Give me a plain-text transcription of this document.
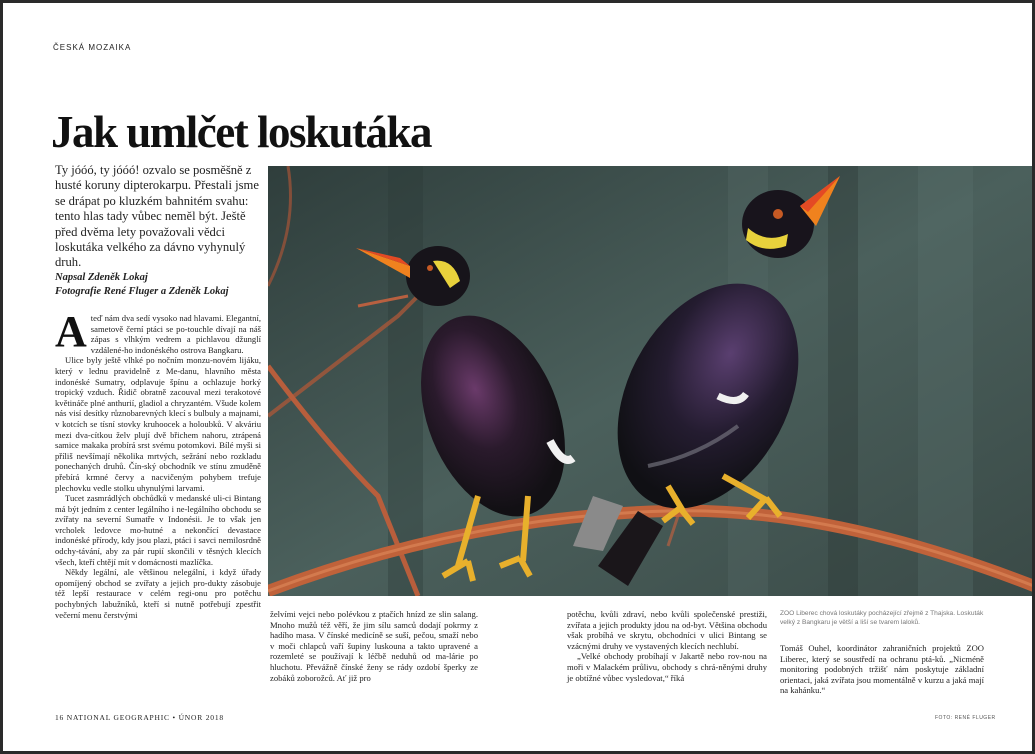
ČESKÁ MOZAIKA
Jak umlčet loskutáka
Ty jóóó, ty jóóó! ozvalo se posměšně z husté koruny dipterokarpu. Přestali jsme se drápat po kluzkém bahnitém svahu: tento hlas tady vůbec neměl být. Ještě před dvěma lety považovali vědci loskutáka velkého za dávno vyhynulý druh.
Napsal Zdeněk Lokaj
Fotografie René Fluger a Zdeněk Lokaj

Ateď nám dva sedí vysoko nad hlavami. Elegantní, sametově černí ptáci se po-touchle dívají na náš zápas s vlhkým vedrem a pichlavou džunglí vzdálené-ho indonéského ostrova Bangkaru.

Ulice byly ještě vlhké po nočním monzu-novém lijáku, který v lednu pravidelně z Me-danu, hlavního města indonéské Sumatry, odplavuje špínu a ochlazuje horký tropický vzduch. Řidič obratně zacouval mezi terakotové květináče plné anthurií, gladiol a chryzantém. Všude kolem nás visí desítky různobarevných klecí s bulbuly a majnami, v kotcích se tísní stovky kruhoocek a holoubků. V akváriu mezi dva-cítkou želv plují dvě břichem nahoru, ztrápená samice makaka probírá srst svému potomkovi. Bílé myši si příliš nevšímají několika mrtvých, sežrání nebo rozkladu ponechaných druhů. Čín-ský obchodník ve stínu zmuděně přebírá krmné červy a nacvičeným pohybem trefuje plechovku vedle stolku uhynulými larvami.

Tucet zasmrádlých obchůdků v medanské uli-ci Bintang má být jedním z center legálního i ne-legálního obchodu se zvířaty na severní Sumatře v Indonésii. Je to však jen vrcholek ledovce mo-hutné a nekončící devastace indonéské přírody, kdy jsou plazi, ptáci i savci nemilosrdně odchy-távání, aby za pár rupií skončili v těsných klecích všech, kteří chtějí mít v domácnosti mazlíčka.

Někdy legální, ale většinou nelegální, i když úřady opomíjený obchod se zvířaty a jejich pro-dukty zásobuje též lepší restaurace v celém regi-onu pro potěchu pochybných labužníků, kteří si nutně potřebují zpestřit večerní menu čerstvými	želvími vejci nebo polévkou z ptačích hnízd ze slin salang. Mnoho mužů též věří, že jim sílu samců dodají pokrmy z hadího masa. V čínské medicíně se suší, pečou, smaží nebo v moči chlapců vaří šupiny luskouna a takto upravené a rozemleté se používají k léčbě neduhů od ma-lárie po hluchotu. Převážně čínské ženy se rády ozdobí šperky ze zobáků zoborožců. Ať již pro

potěchu, kvůli zdraví, nebo kvůli společenské prestiži, zvířata a jejich produkty jdou na od-byt. Většina obchodu však probíhá ve skrytu, obchodníci v ulici Bintang se vzácnými druhy ve vystavených klecích nechlubí.

„Velké obchody probíhají v Jakartě nebo rov-nou na moři v Malackém průlivu, obchody s chrá-něnými druhy je obtížné vůbec vysledovat,“ říká

ZOO Liberec chová loskutáky pocházející zřejmě z Thajska. Loskuták velký z Bangkaru je větší a liší se tvarem laloků.

Tomáš Ouhel, koordinátor zahraničních projektů ZOO Liberec, který se soustředí na ochranu ptá-ků. „Nicméně monitoring podobných tržišť nám poskytuje základní orientaci, jaká zvířata jsou momentálně v kurzu a jaká mají na kahánku.“

16 NATIONAL GEOGRAPHIC • ÚNOR 2018	FOTO: RENÉ FLUGER
